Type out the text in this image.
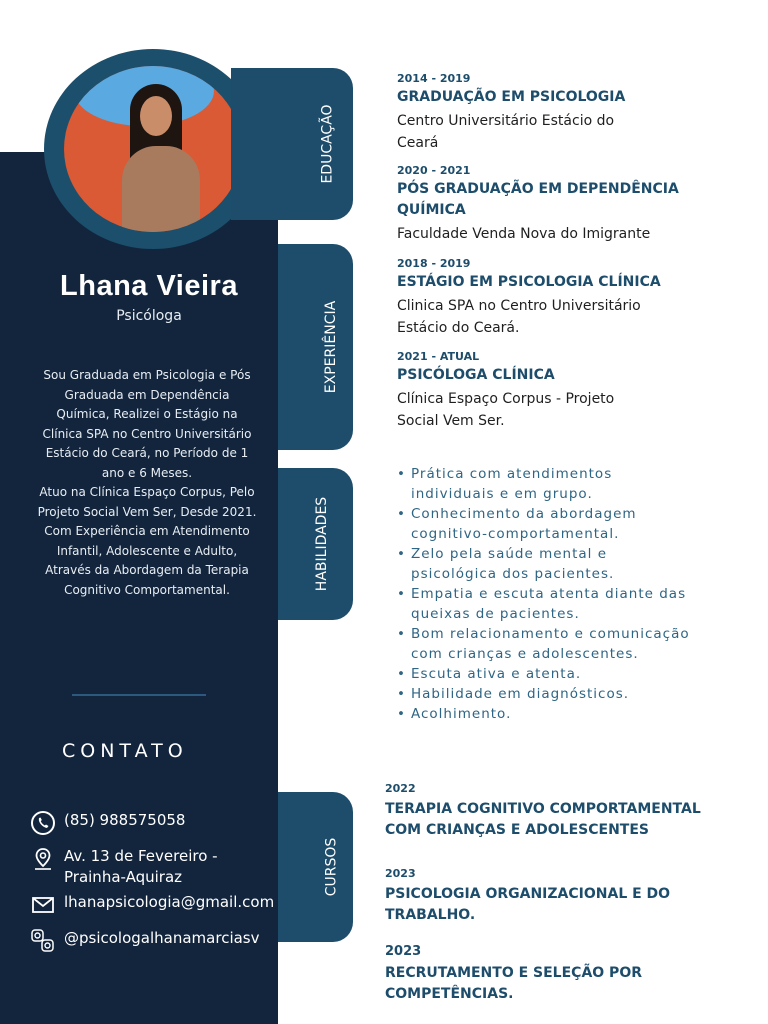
Lhana Vieira
Psicóloga
Sou Graduada em Psicologia e Pós
Graduada em Dependência
Química, Realizei o Estágio na
Clínica SPA no Centro Universitário
Estácio do Ceará, no Período de 1
ano e 6 Meses.
Atuo na Clínica Espaço Corpus, Pelo
Projeto Social Vem Ser, Desde 2021.
Com Experiência em Atendimento
Infantil, Adolescente e Adulto,
Através da Abordagem da Terapia
Cognitivo Comportamental.
CONTATO
(85) 988575058
Av. 13 de Fevereiro - Prainha-Aquiraz
lhanapsicologia@gmail.com
@psicologalhanamarciasv
EDUCAÇÃO
EXPERIÊNCIA
HABILIDADES
CURSOS
2014 - 2019
GRADUAÇÃO EM PSICOLOGIA
Centro Universitário Estácio do Ceará
2020 - 2021
PÓS GRADUAÇÃO EM DEPENDÊNCIA QUÍMICA
Faculdade Venda Nova do Imigrante
2018 - 2019
ESTÁGIO EM PSICOLOGIA CLÍNICA
Clinica SPA no Centro Universitário Estácio do Ceará.
2021 - ATUAL
PSICÓLOGA CLÍNICA
Clínica Espaço Corpus - Projeto Social Vem Ser.
• Prática com atendimentos individuais e em grupo.
• Conhecimento da abordagem cognitivo-comportamental.
• Zelo pela saúde mental e psicológica dos pacientes.
• Empatia e escuta atenta diante das queixas de pacientes.
• Bom relacionamento e comunicação com crianças e adolescentes.
• Escuta ativa e atenta.
• Habilidade em diagnósticos.
• Acolhimento.
2022
TERAPIA COGNITIVO COMPORTAMENTAL COM CRIANÇAS E ADOLESCENTES
2023
PSICOLOGIA ORGANIZACIONAL E DO TRABALHO.
2023
RECRUTAMENTO E SELEÇÃO POR COMPETÊNCIAS.
